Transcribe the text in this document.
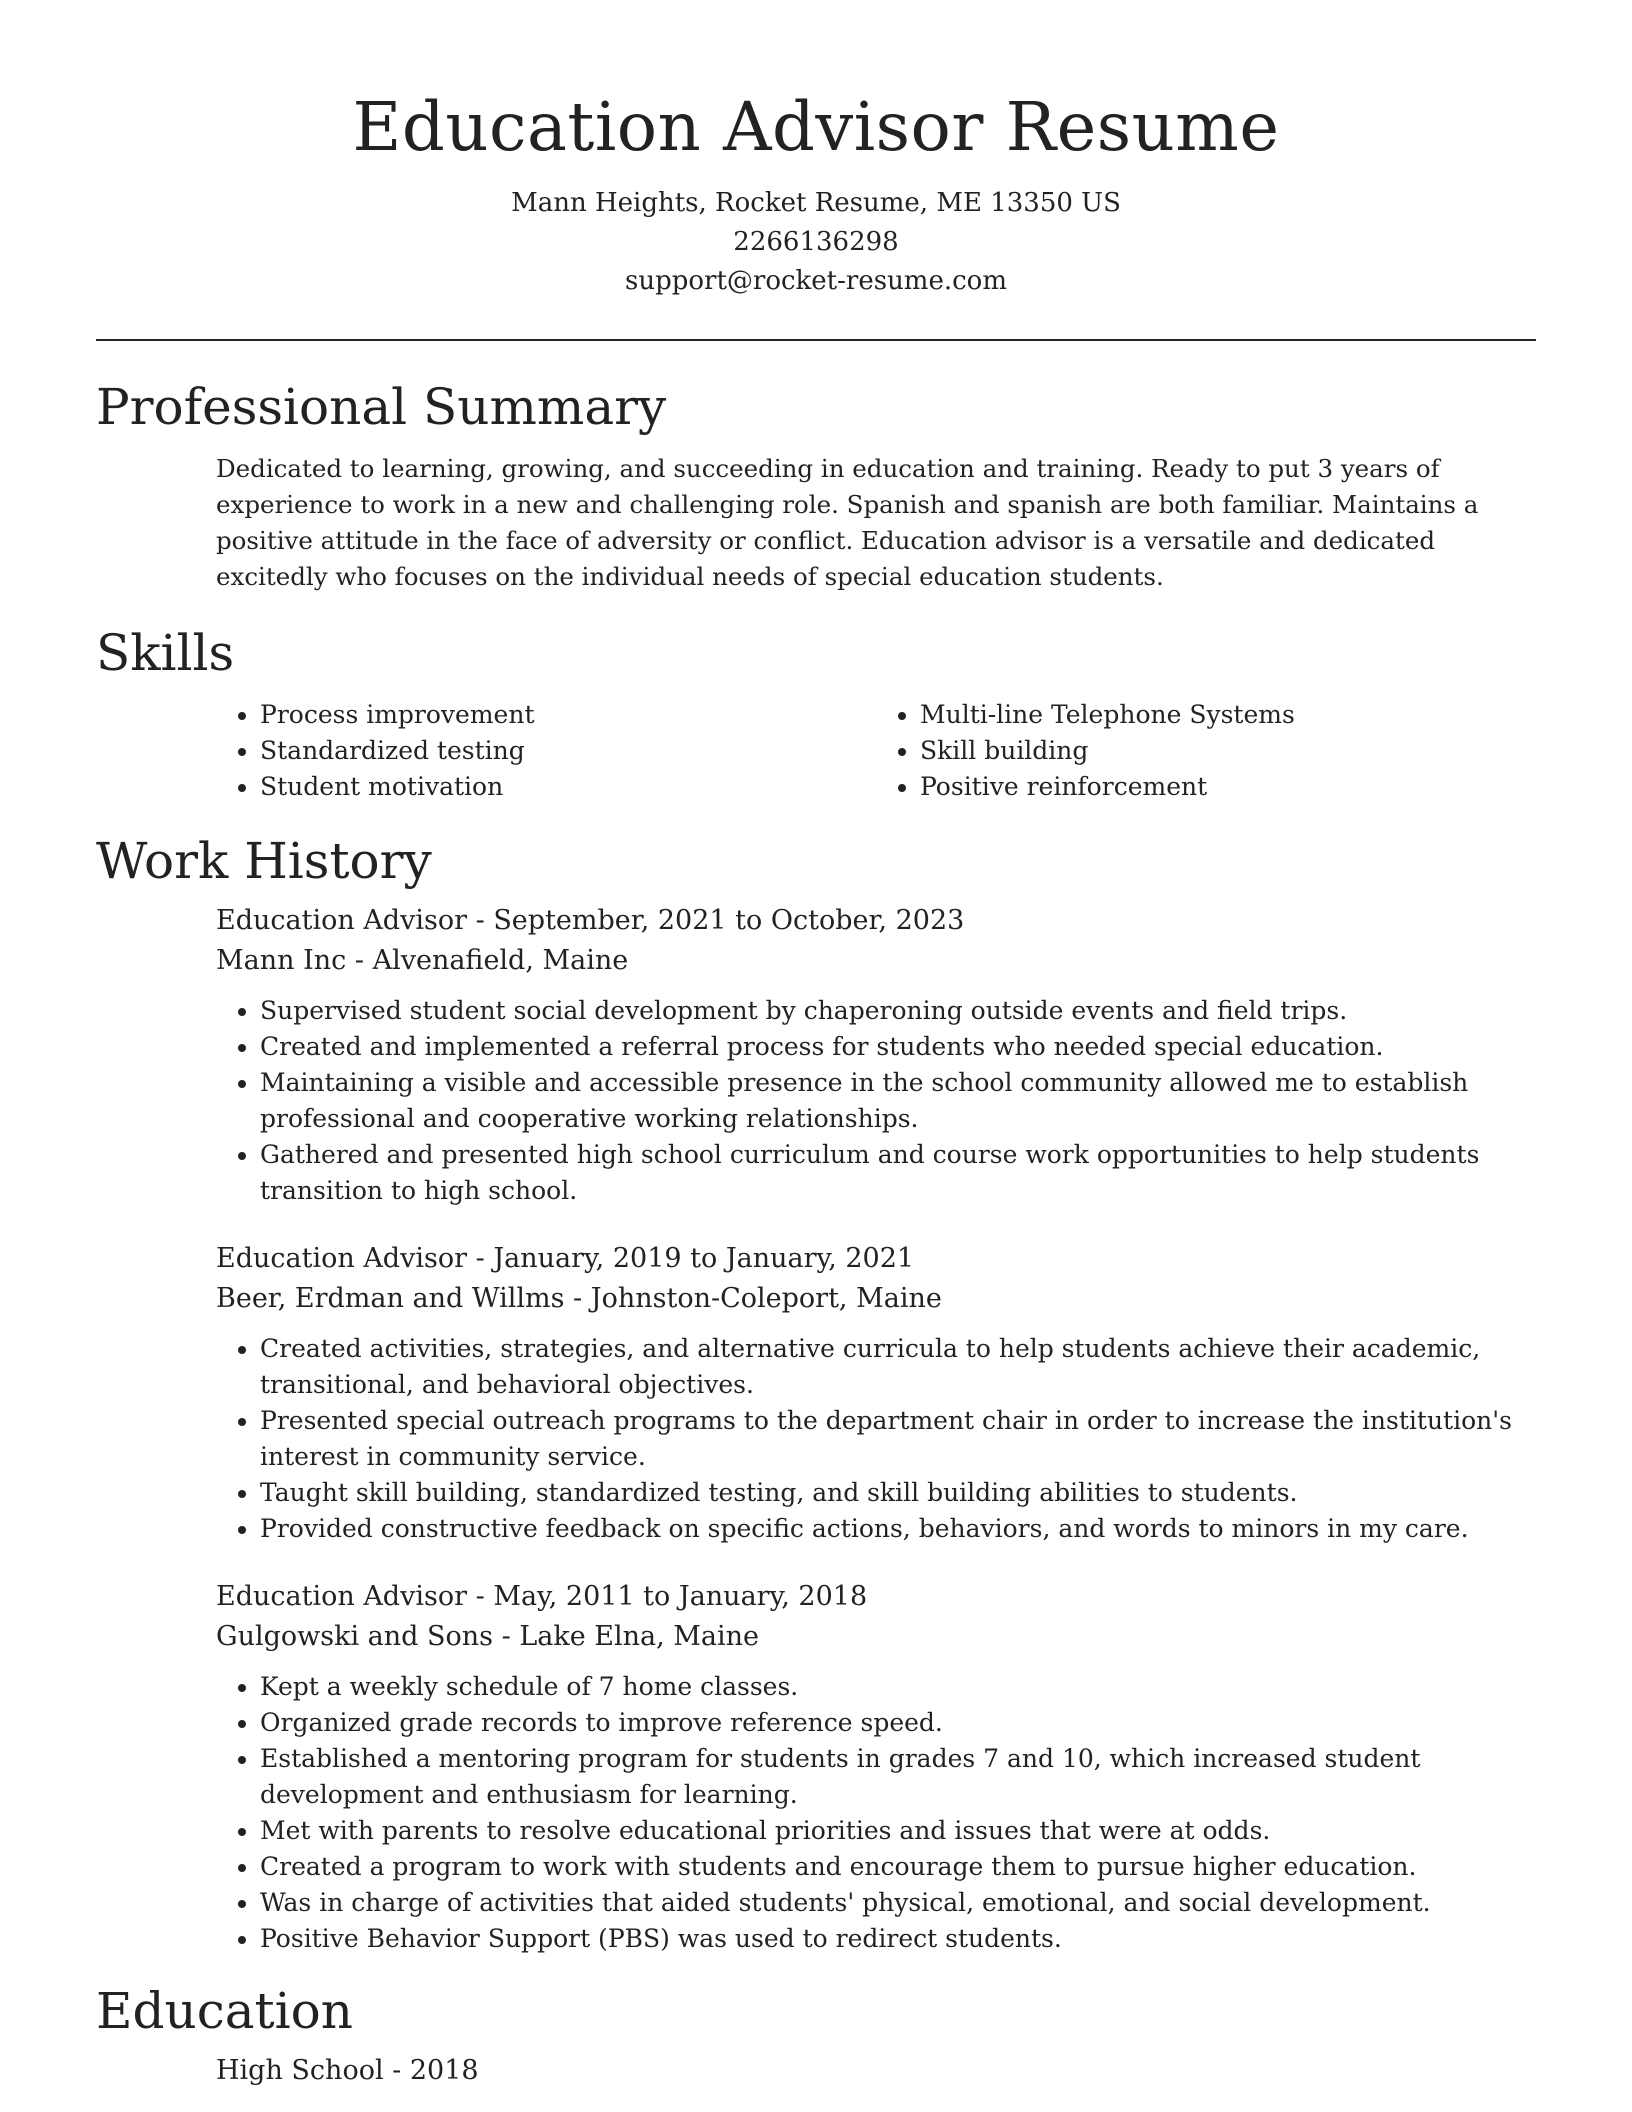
Education Advisor Resume
Mann Heights, Rocket Resume, ME 13350 US
2266136298
support@rocket-resume.com
Professional Summary

Dedicated to learning, growing, and succeeding in education and training. Ready to put 3 years of experience to work in a new and challenging role. Spanish and spanish are both familiar. Maintains a positive attitude in the face of adversity or conflict. Education advisor is a versatile and dedicated excitedly who focuses on the individual needs of special education students.

Skills
• Process improvement
• Standardized testing
• Student motivation
• Multi-line Telephone Systems
• Skill building
• Positive reinforcement
Work History
Education Advisor - September, 2021 to October, 2023
Mann Inc - Alvenafield, Maine
• Supervised student social development by chaperoning outside events and field trips.
• Created and implemented a referral process for students who needed special education.
• Maintaining a visible and accessible presence in the school community allowed me to establish professional and cooperative working relationships.
• Gathered and presented high school curriculum and course work opportunities to help students transition to high school.
Education Advisor - January, 2019 to January, 2021
Beer, Erdman and Willms - Johnston-Coleport, Maine
• Created activities, strategies, and alternative curricula to help students achieve their academic, transitional, and behavioral objectives.
• Presented special outreach programs to the department chair in order to increase the institution's interest in community service.
• Taught skill building, standardized testing, and skill building abilities to students.
• Provided constructive feedback on specific actions, behaviors, and words to minors in my care.
Education Advisor - May, 2011 to January, 2018
Gulgowski and Sons - Lake Elna, Maine
• Kept a weekly schedule of 7 home classes.
• Organized grade records to improve reference speed.
• Established a mentoring program for students in grades 7 and 10, which increased student development and enthusiasm for learning.
• Met with parents to resolve educational priorities and issues that were at odds.
• Created a program to work with students and encourage them to pursue higher education.
• Was in charge of activities that aided students' physical, emotional, and social development.
• Positive Behavior Support (PBS) was used to redirect students.
Education
High School - 2018
